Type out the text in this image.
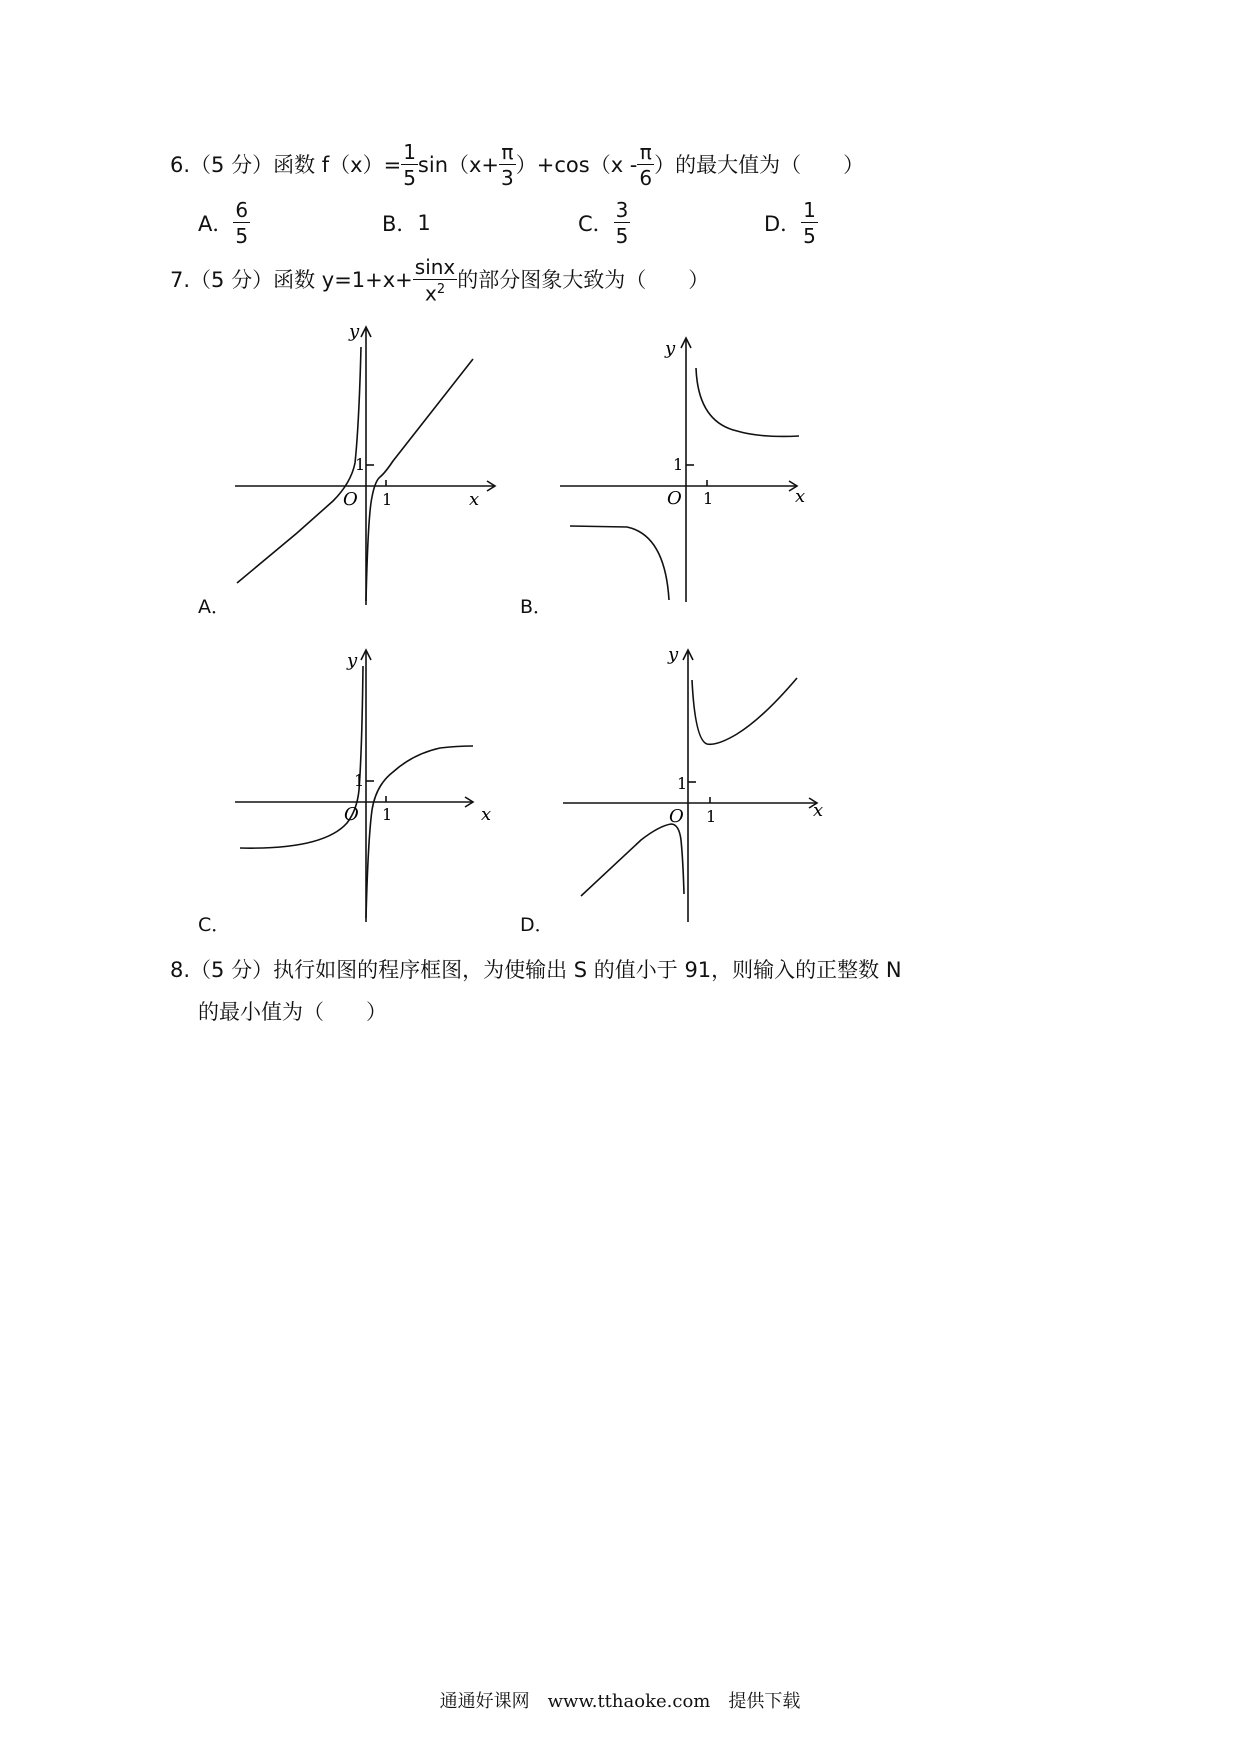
6. （5 分） 函数 $f(x)= \frac{1}{5} \sin(x+ \frac{\pi}{3} )+\cos(x - \frac{\pi}{6}$ ）的最大值为（　　）
A． $\frac{6}{5}$	B． 1	C． $\frac{3}{5}$	D． $\frac{1}{5}$
7. （5 分） 函数 $y=1+x+ \frac{\sin x}{x^2}$ 的部分图象大致为（　　）
y
x
O
1
1
A．
y
x
O
1
1
B．
y
x
O
1
1
C．
y
x
O
1
1
D．
8. （5 分） 执行如图的程序框图，为使输出 S 的值小于 91，则输入的正整数 N
的最小值为（　　）
通通好课网　www.tthaoke.com　提供下载
